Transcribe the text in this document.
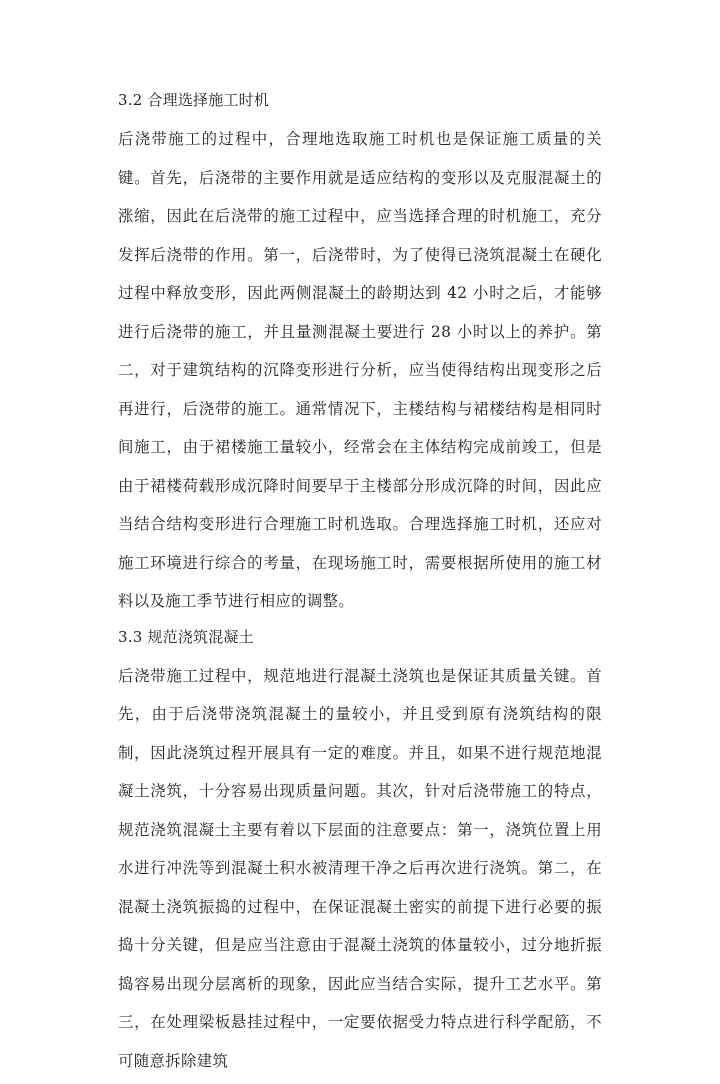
3.2 合理选择施工时机

后浇带施工的过程中，合理地选取施工时机也是保证施工质量的关键。首先，后浇带的主要作用就是适应结构的变形以及克服混凝土的涨缩，因此在后浇带的施工过程中，应当选择合理的时机施工，充分发挥后浇带的作用。第一，后浇带时，为了使得已浇筑混凝土在硬化过程中释放变形，因此两侧混凝土的龄期达到 42 小时之后，才能够进行后浇带的施工，并且量测混凝土要进行 28 小时以上的养护。第二，对于建筑结构的沉降变形进行分析，应当使得结构出现变形之后再进行，后浇带的施工。通常情况下，主楼结构与裙楼结构是相同时间施工，由于裙楼施工量较小，经常会在主体结构完成前竣工，但是由于裙楼荷载形成沉降时间要早于主楼部分形成沉降的时间，因此应当结合结构变形进行合理施工时机选取。合理选择施工时机，还应对施工环境进行综合的考量，在现场施工时，需要根据所使用的施工材料以及施工季节进行相应的调整。

3.3 规范浇筑混凝土

后浇带施工过程中，规范地进行混凝土浇筑也是保证其质量关键。首先，由于后浇带浇筑混凝土的量较小，并且受到原有浇筑结构的限制，因此浇筑过程开展具有一定的难度。并且，如果不进行规范地混凝土浇筑，十分容易出现质量问题。其次，针对后浇带施工的特点，规范浇筑混凝土主要有着以下层面的注意要点：第一，浇筑位置上用水进行冲洗等到混凝土积水被清理干净之后再次进行浇筑。第二，在混凝土浇筑振捣的过程中，在保证混凝土密实的前提下进行必要的振捣十分关键，但是应当注意由于混凝土浇筑的体量较小，过分地折振捣容易出现分层离析的现象，因此应当结合实际，提升工艺水平。第三，在处理梁板悬挂过程中，一定要依据受力特点进行科学配筋，不可随意拆除建筑
